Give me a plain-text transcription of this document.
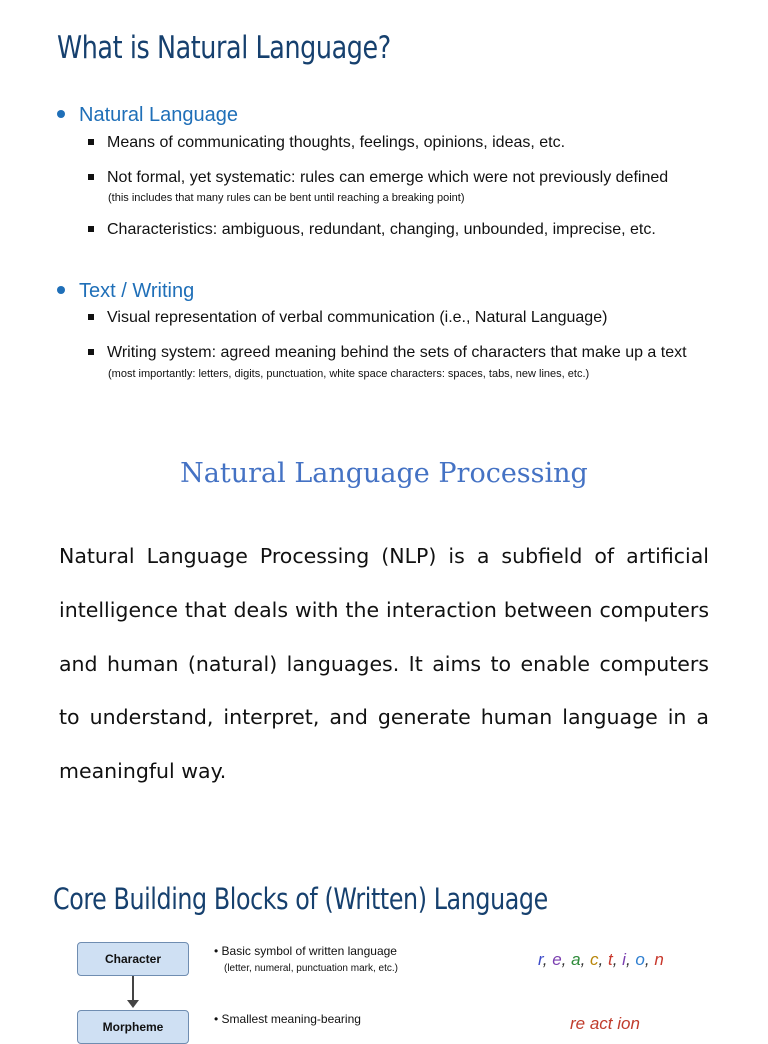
What is Natural Language?
Natural Language
Means of communicating thoughts, feelings, opinions, ideas, etc.
Not formal, yet systematic: rules can emerge which were not previously defined
(this includes that many rules can be bent until reaching a breaking point)
Characteristics: ambiguous, redundant, changing, unbounded, imprecise, etc.
Text / Writing
Visual representation of verbal communication (i.e., Natural Language)
Writing system: agreed meaning behind the sets of characters that make up a text
(most importantly: letters, digits, punctuation, white space characters: spaces, tabs, new lines, etc.)
Natural Language Processing

Natural Language Processing (NLP) is a subfield of artificial intelligence that deals with the interaction between computers and human (natural) languages. It aims to enable computers to understand, interpret, and generate human language in a meaningful way.

Core Building Blocks of (Written) Language
Character
• Basic symbol of written language
(letter, numeral, punctuation mark, etc.)
Morpheme
• Smallest meaning-bearing
r, e, a, c, t, i, o, n
re act ion
